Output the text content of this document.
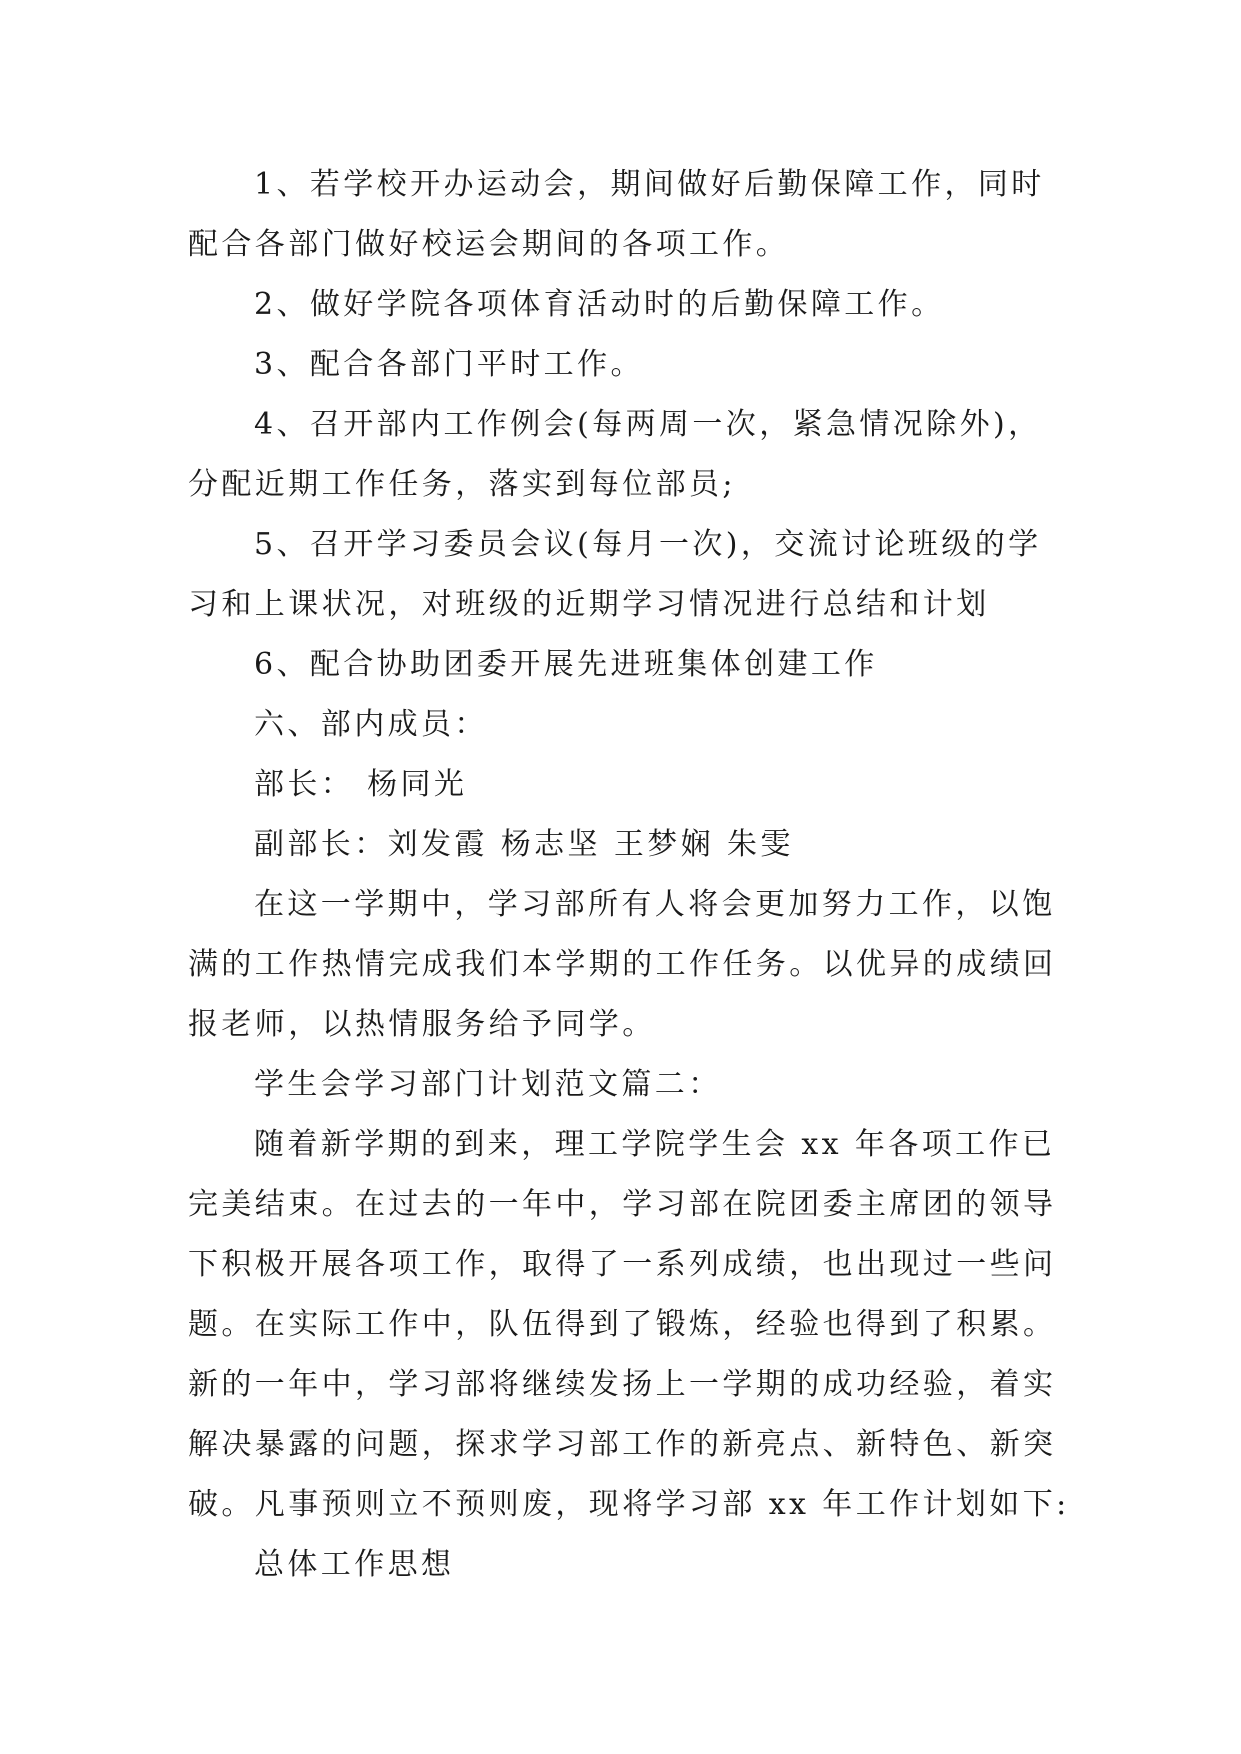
1、若学校开办运动会，期间做好后勤保障工作，同时
配合各部门做好校运会期间的各项工作。
2、做好学院各项体育活动时的后勤保障工作。
3、配合各部门平时工作。
4、召开部内工作例会(每两周一次，紧急情况除外)，
分配近期工作任务，落实到每位部员;
5、召开学习委员会议(每月一次)，交流讨论班级的学
习和上课状况，对班级的近期学习情况进行总结和计划
6、配合协助团委开展先进班集体创建工作
六、部内成员：
部长： 杨同光
副部长：刘发霞 杨志坚 王梦娴 朱雯
在这一学期中，学习部所有人将会更加努力工作，以饱
满的工作热情完成我们本学期的工作任务。以优异的成绩回
报老师，以热情服务给予同学。
学生会学习部门计划范文篇二：
随着新学期的到来，理工学院学生会 xx 年各项工作已
完美结束。在过去的一年中，学习部在院团委主席团的领导
下积极开展各项工作，取得了一系列成绩，也出现过一些问
题。在实际工作中，队伍得到了锻炼，经验也得到了积累。
新的一年中，学习部将继续发扬上一学期的成功经验，着实
解决暴露的问题，探求学习部工作的新亮点、新特色、新突
破。凡事预则立不预则废，现将学习部 xx 年工作计划如下:
总体工作思想
